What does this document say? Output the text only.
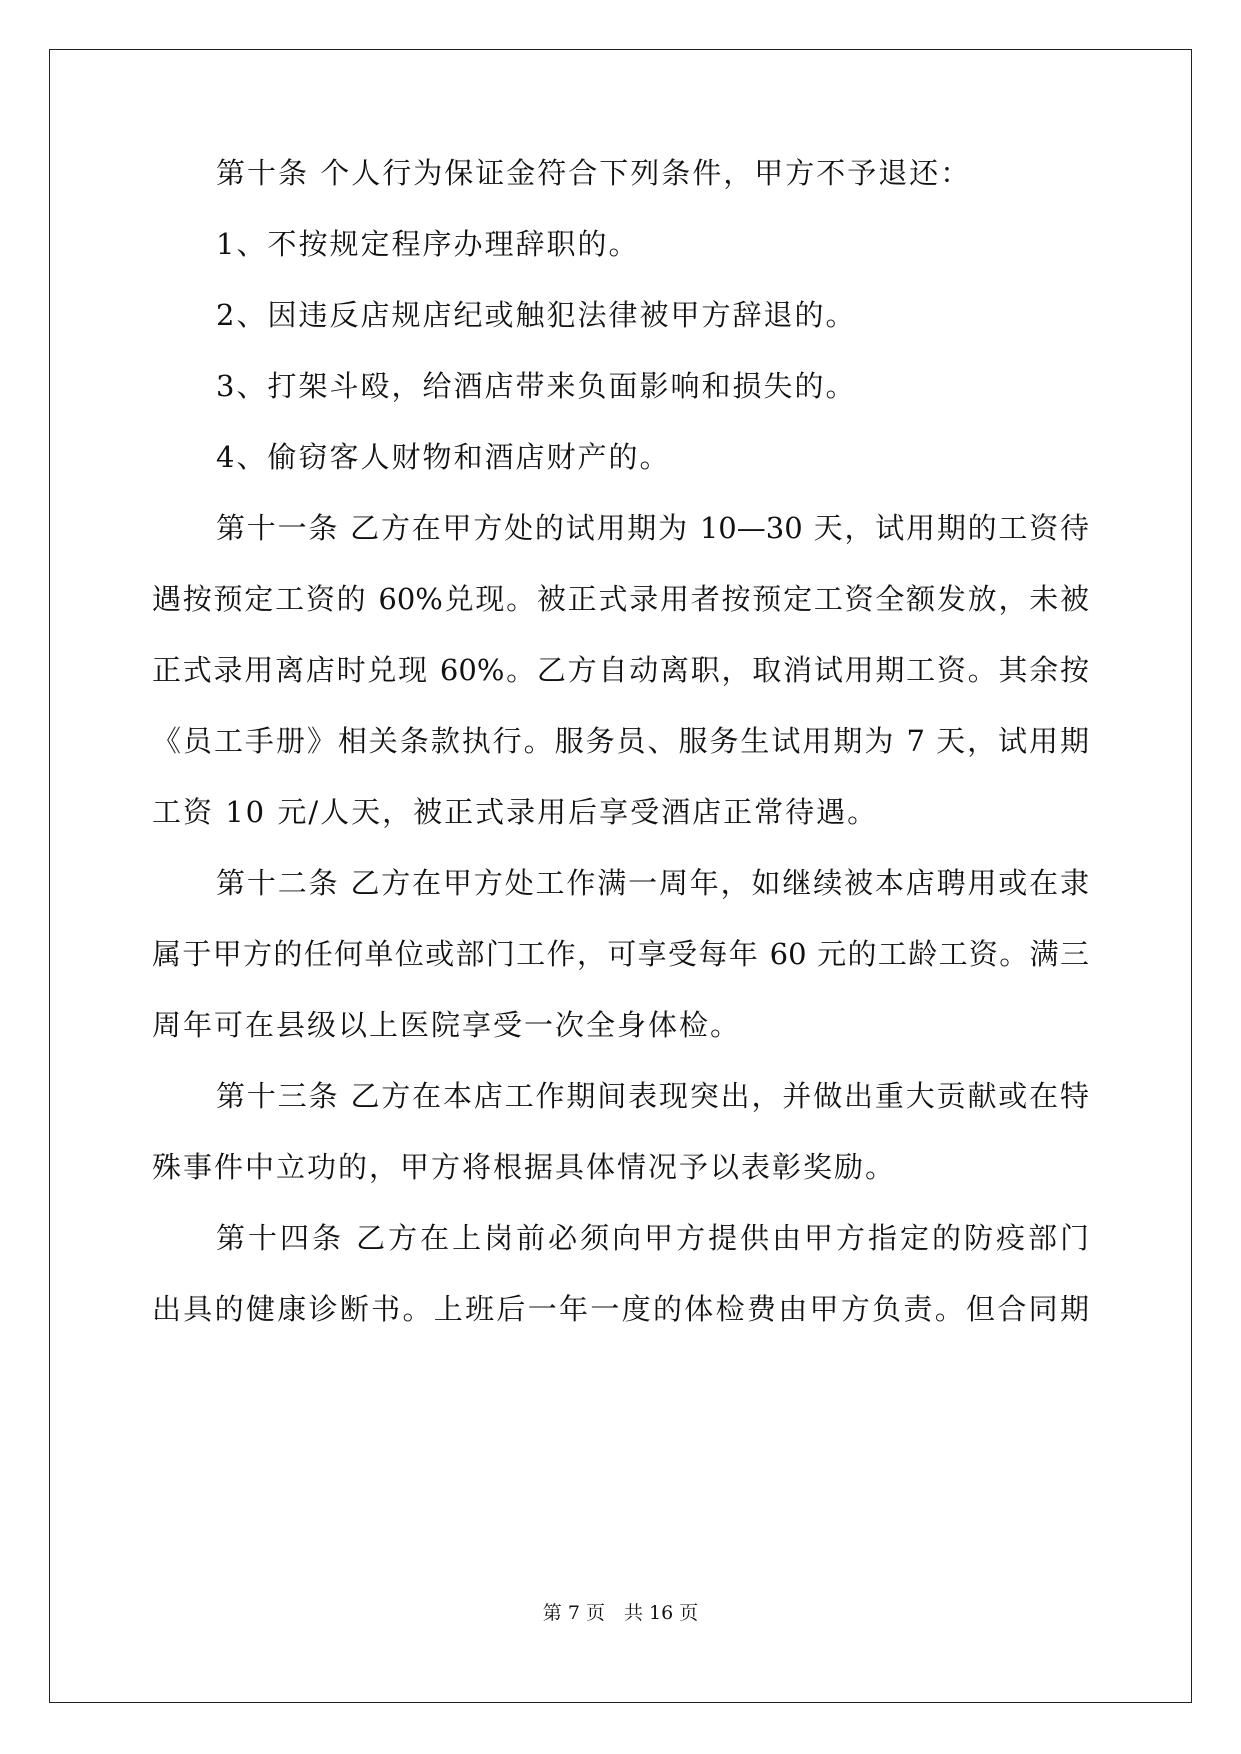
第十条 个人行为保证金符合下列条件，甲方不予退还：
1、不按规定程序办理辞职的。
2、因违反店规店纪或触犯法律被甲方辞退的。
3、打架斗殴，给酒店带来负面影响和损失的。
4、偷窃客人财物和酒店财产的。
第十一条 乙方在甲方处的试用期为 10—30 天，试用期的工资待
遇按预定工资的 60%兑现。被正式录用者按预定工资全额发放，未被
正式录用离店时兑现 60%。乙方自动离职，取消试用期工资。其余按
《员工手册》相关条款执行。服务员、服务生试用期为 7 天，试用期
工资 10 元/人天，被正式录用后享受酒店正常待遇。
第十二条 乙方在甲方处工作满一周年，如继续被本店聘用或在隶
属于甲方的任何单位或部门工作，可享受每年 60 元的工龄工资。满三
周年可在县级以上医院享受一次全身体检。
第十三条 乙方在本店工作期间表现突出，并做出重大贡献或在特
殊事件中立功的，甲方将根据具体情况予以表彰奖励。
第十四条 乙方在上岗前必须向甲方提供由甲方指定的防疫部门
出具的健康诊断书。上班后一年一度的体检费由甲方负责。但合同期
第 7 页　共 16 页
